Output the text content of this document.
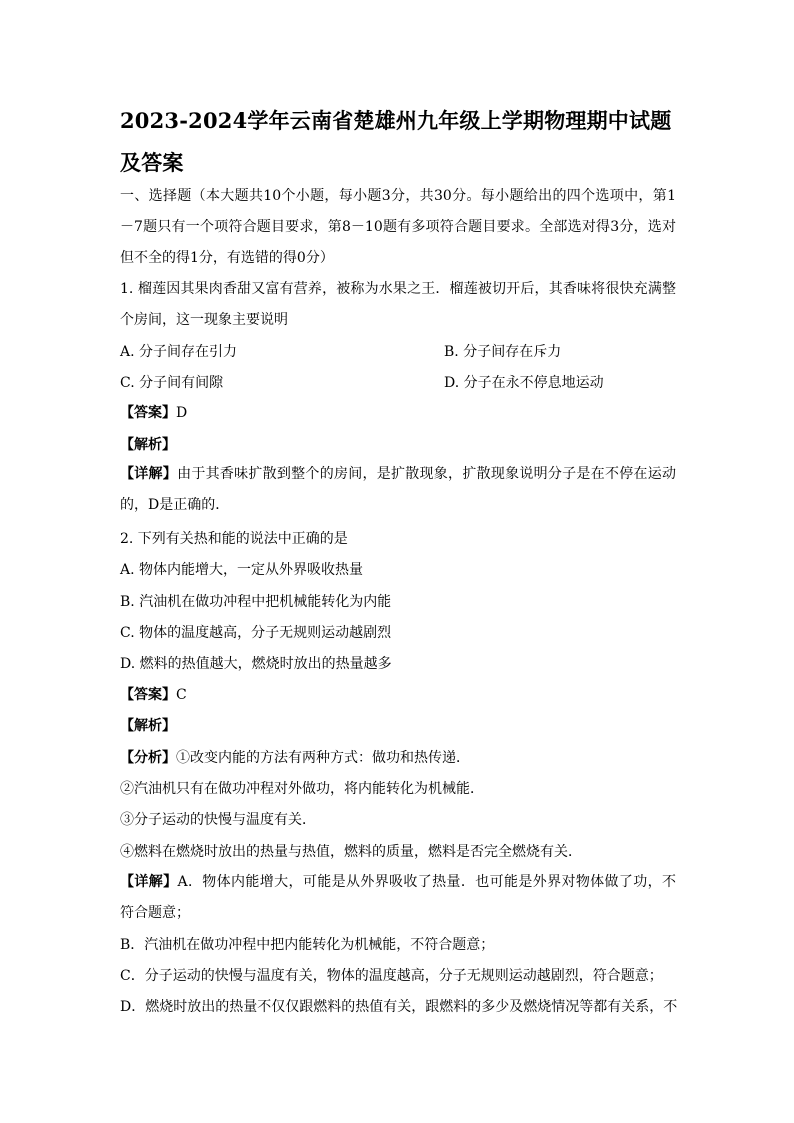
2023-2024学年云南省楚雄州九年级上学期物理期中试题及答案
一、选择题（本大题共10个小题，每小题3分，共30分。每小题给出的四个选项中，第1－7题只有一个项符合题目要求，第8－10题有多项符合题目要求。全部选对得3分，选对但不全的得1分，有选错的得0分）
1. 榴莲因其果肉香甜又富有营养，被称为水果之王．榴莲被切开后，其香味将很快充满整个房间，这一现象主要说明
A. 分子间存在引力	B. 分子间存在斥力
C. 分子间有间隙	D. 分子在永不停息地运动
【答案】D
【解析】
【详解】由于其香味扩散到整个的房间，是扩散现象，扩散现象说明分子是在不停在运动的，D是正确的．
2. 下列有关热和能的说法中正确的是
A. 物体内能增大，一定从外界吸收热量
B. 汽油机在做功冲程中把机械能转化为内能
C. 物体的温度越高，分子无规则运动越剧烈
D. 燃料的热值越大，燃烧时放出的热量越多
【答案】C
【解析】
【分析】①改变内能的方法有两种方式：做功和热传递．
②汽油机只有在做功冲程对外做功，将内能转化为机械能．
③分子运动的快慢与温度有关．
④燃料在燃烧时放出的热量与热值，燃料的质量，燃料是否完全燃烧有关．
【详解】A．物体内能增大，可能是从外界吸收了热量．也可能是外界对物体做了功，不符合题意；
B．汽油机在做功冲程中把内能转化为机械能，不符合题意；
C．分子运动的快慢与温度有关，物体的温度越高，分子无规则运动越剧烈，符合题意；
D．燃烧时放出的热量不仅仅跟燃料的热值有关，跟燃料的多少及燃烧情况等都有关系，不
